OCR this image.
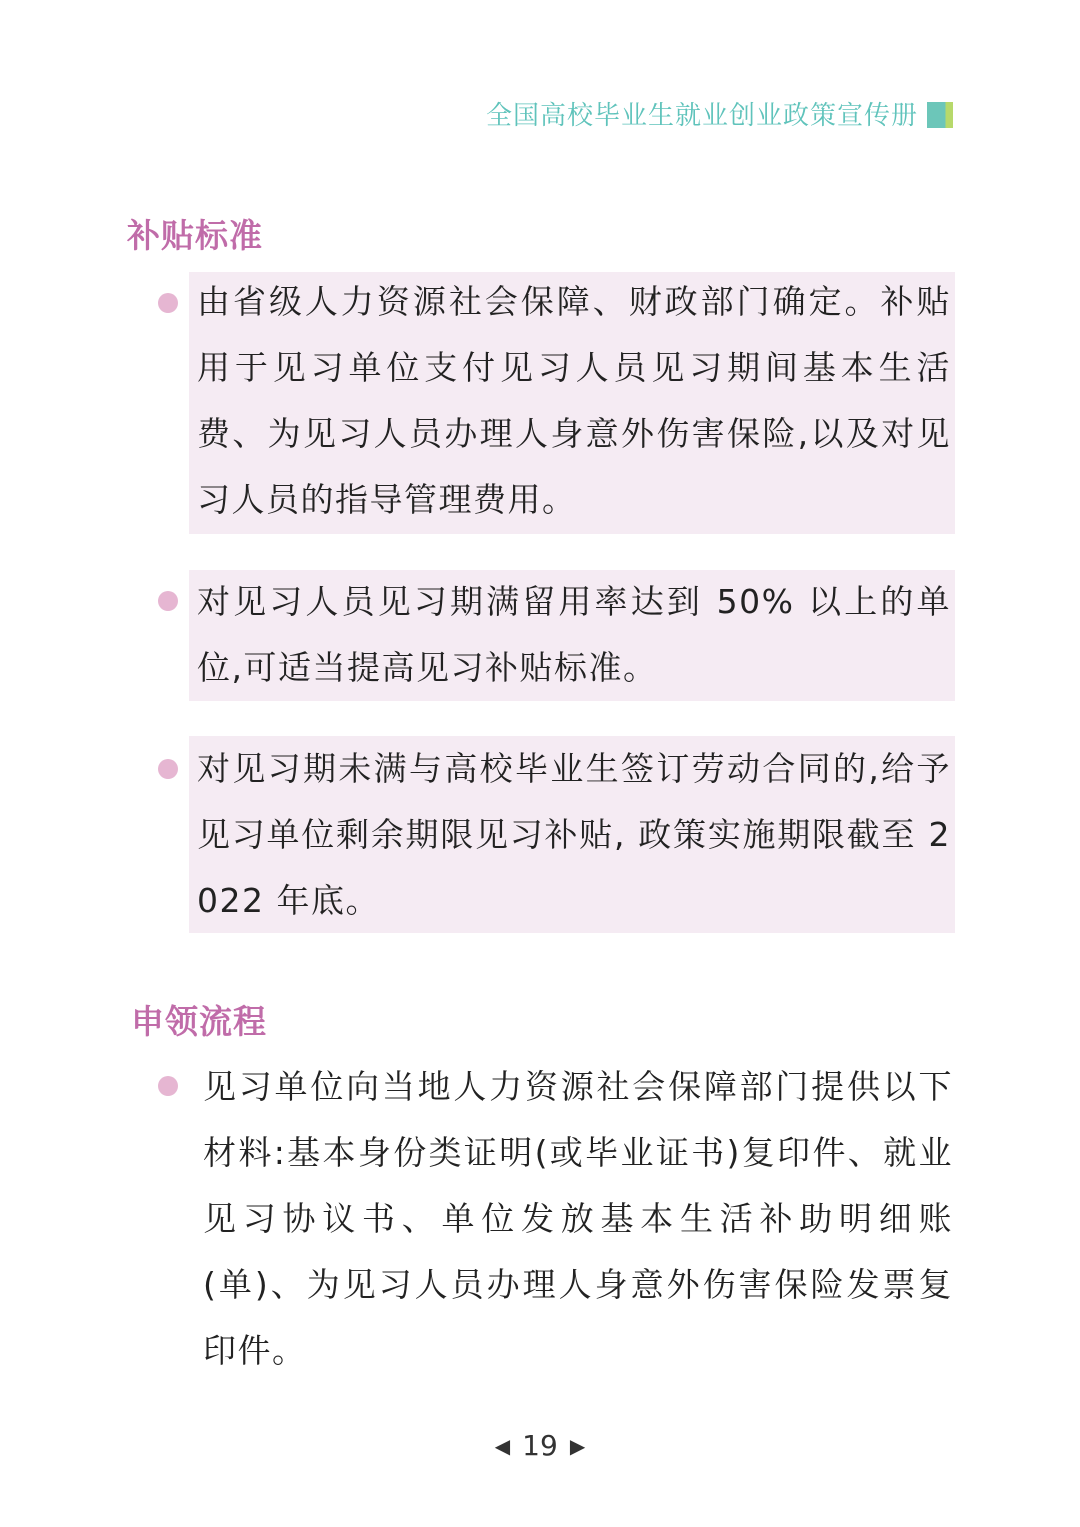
全国高校毕业生就业创业政策宣传册
补贴标准
由省级人力资源社会保障、财政部门确定。补贴用于见习单位支付见习人员见习期间基本生活费、为见习人员办理人身意外伤害保险,以及对见习人员的指导管理费用。
对见习人员见习期满留用率达到 50% 以上的单位,可适当提高见习补贴标准。
对见习期未满与高校毕业生签订劳动合同的,给予见习单位剩余期限见习补贴, 政策实施期限截至 2022 年底。
申领流程
见习单位向当地人力资源社会保障部门提供以下材料:基本身份类证明(或毕业证书)复印件、就业见习协议书、单位发放基本生活补助明细账(单)、为见习人员办理人身意外伤害保险发票复印件。
◀ 19 ▶
